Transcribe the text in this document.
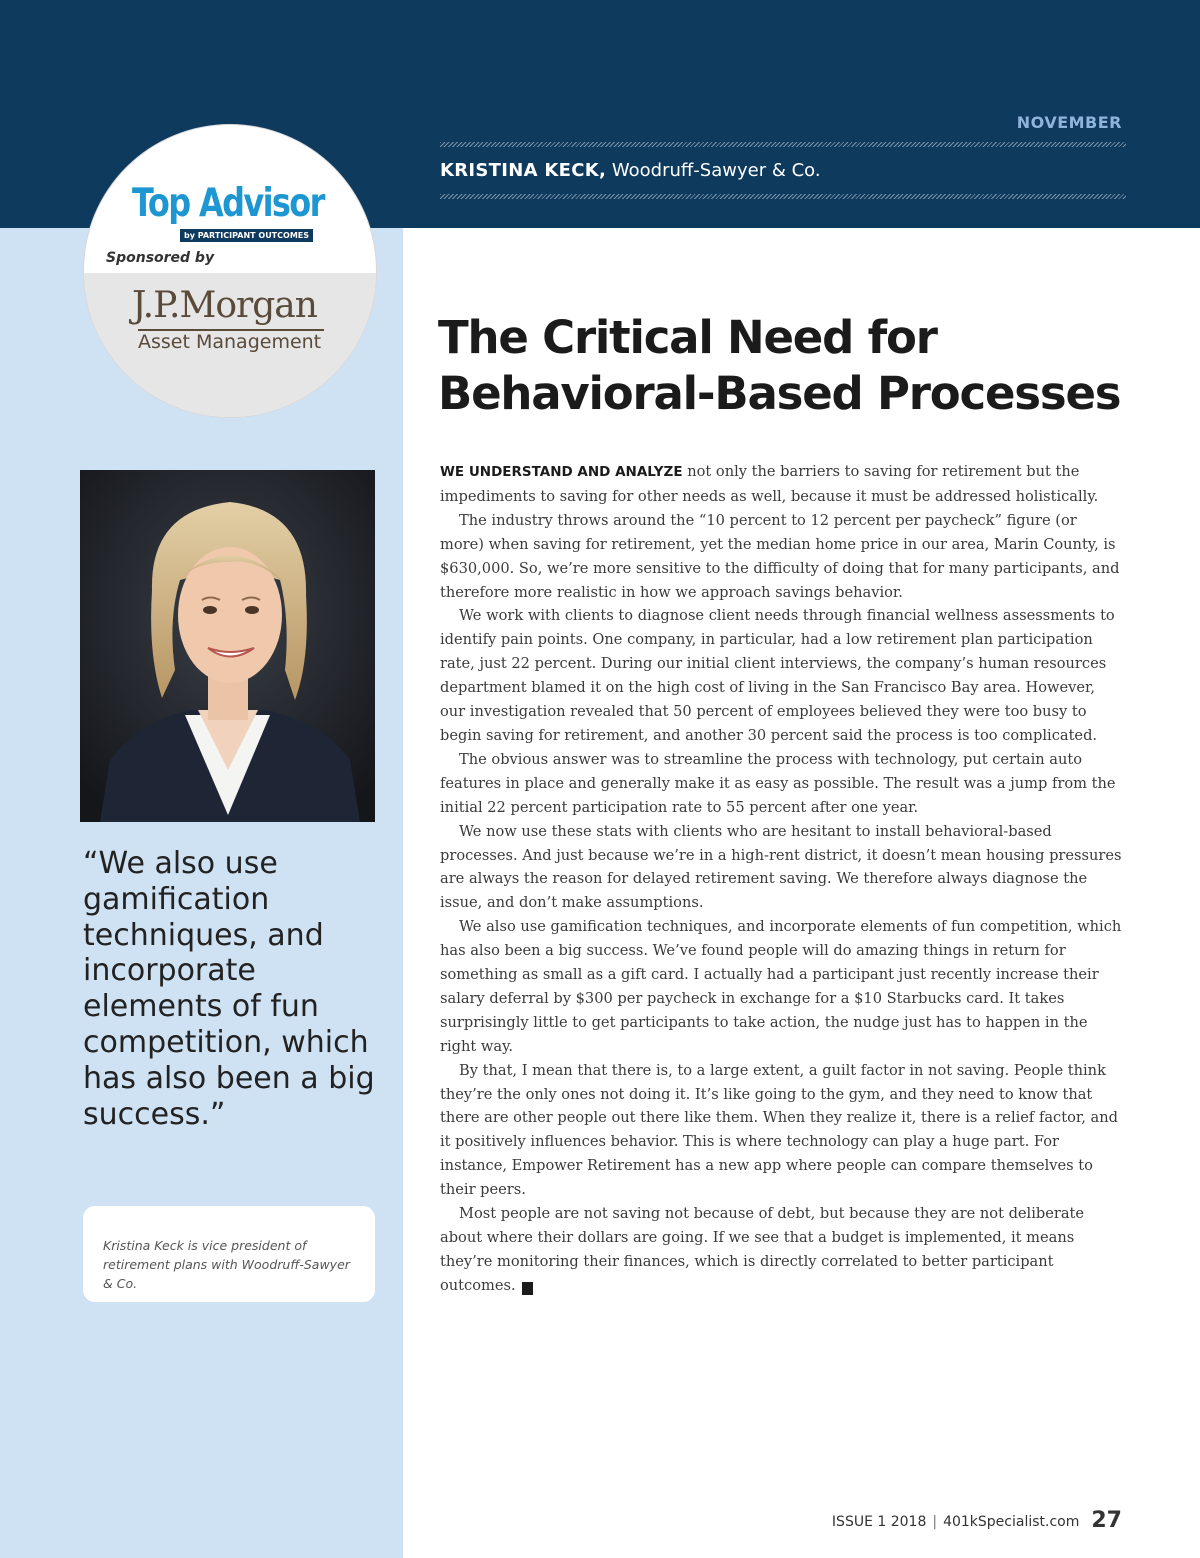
NOVEMBER
KRISTINA KECK, Woodruff-Sawyer & Co.
Top Advisor
by PARTICIPANT OUTCOMES
Sponsored by
J.P.Morgan
Asset Management
“We also use gamification techniques, and incorporate elements of fun competition, which has also been a big success.”
Kristina Keck is vice president of retirement plans with Woodruff-Sawyer & Co.
The Critical Need for
Behavioral-Based Processes

WE UNDERSTAND AND ANALYZE not only the barriers to saving for retirement but the impediments to saving for other needs as well, because it must be addressed holistically.

The industry throws around the “10 percent to 12 percent per paycheck” figure (or more) when saving for retirement, yet the median home price in our area, Marin County, is $630,000. So, we’re more sensitive to the difficulty of doing that for many participants, and therefore more realistic in how we approach savings behavior.

We work with clients to diagnose client needs through financial wellness assessments to identify pain points. One company, in particular, had a low retirement plan participation rate, just 22 percent. During our initial client interviews, the company’s human resources department blamed it on the high cost of living in the San Francisco Bay area. However, our investigation revealed that 50 percent of employees believed they were too busy to begin saving for retirement, and another 30 percent said the process is too complicated.

The obvious answer was to streamline the process with technology, put certain auto features in place and generally make it as easy as possible. The result was a jump from the initial 22 percent participation rate to 55 percent after one year.

We now use these stats with clients who are hesitant to install behavioral-based processes. And just because we’re in a high-rent district, it doesn’t mean housing pressures are always the reason for delayed retirement saving. We therefore always diagnose the issue, and don’t make assumptions.

We also use gamification techniques, and incorporate elements of fun competition, which has also been a big success. We’ve found people will do amazing things in return for something as small as a gift card. I actually had a participant just recently increase their salary deferral by $300 per paycheck in exchange for a $10 Starbucks card. It takes surprisingly little to get participants to take action, the nudge just has to happen in the right way.

By that, I mean that there is, to a large extent, a guilt factor in not saving. People think they’re the only ones not doing it. It’s like going to the gym, and they need to know that there are other people out there like them. When they realize it, there is a relief factor, and it positively influences behavior. This is where technology can play a huge part. For instance, Empower Retirement has a new app where people can compare themselves to their peers.

Most people are not saving not because of debt, but because they are not deliberate about where their dollars are going. If we see that a budget is implemented, it means they’re monitoring their finances, which is directly correlated to better participant outcomes.	K

ISSUE 1 2018 | 401kSpecialist.com 27
